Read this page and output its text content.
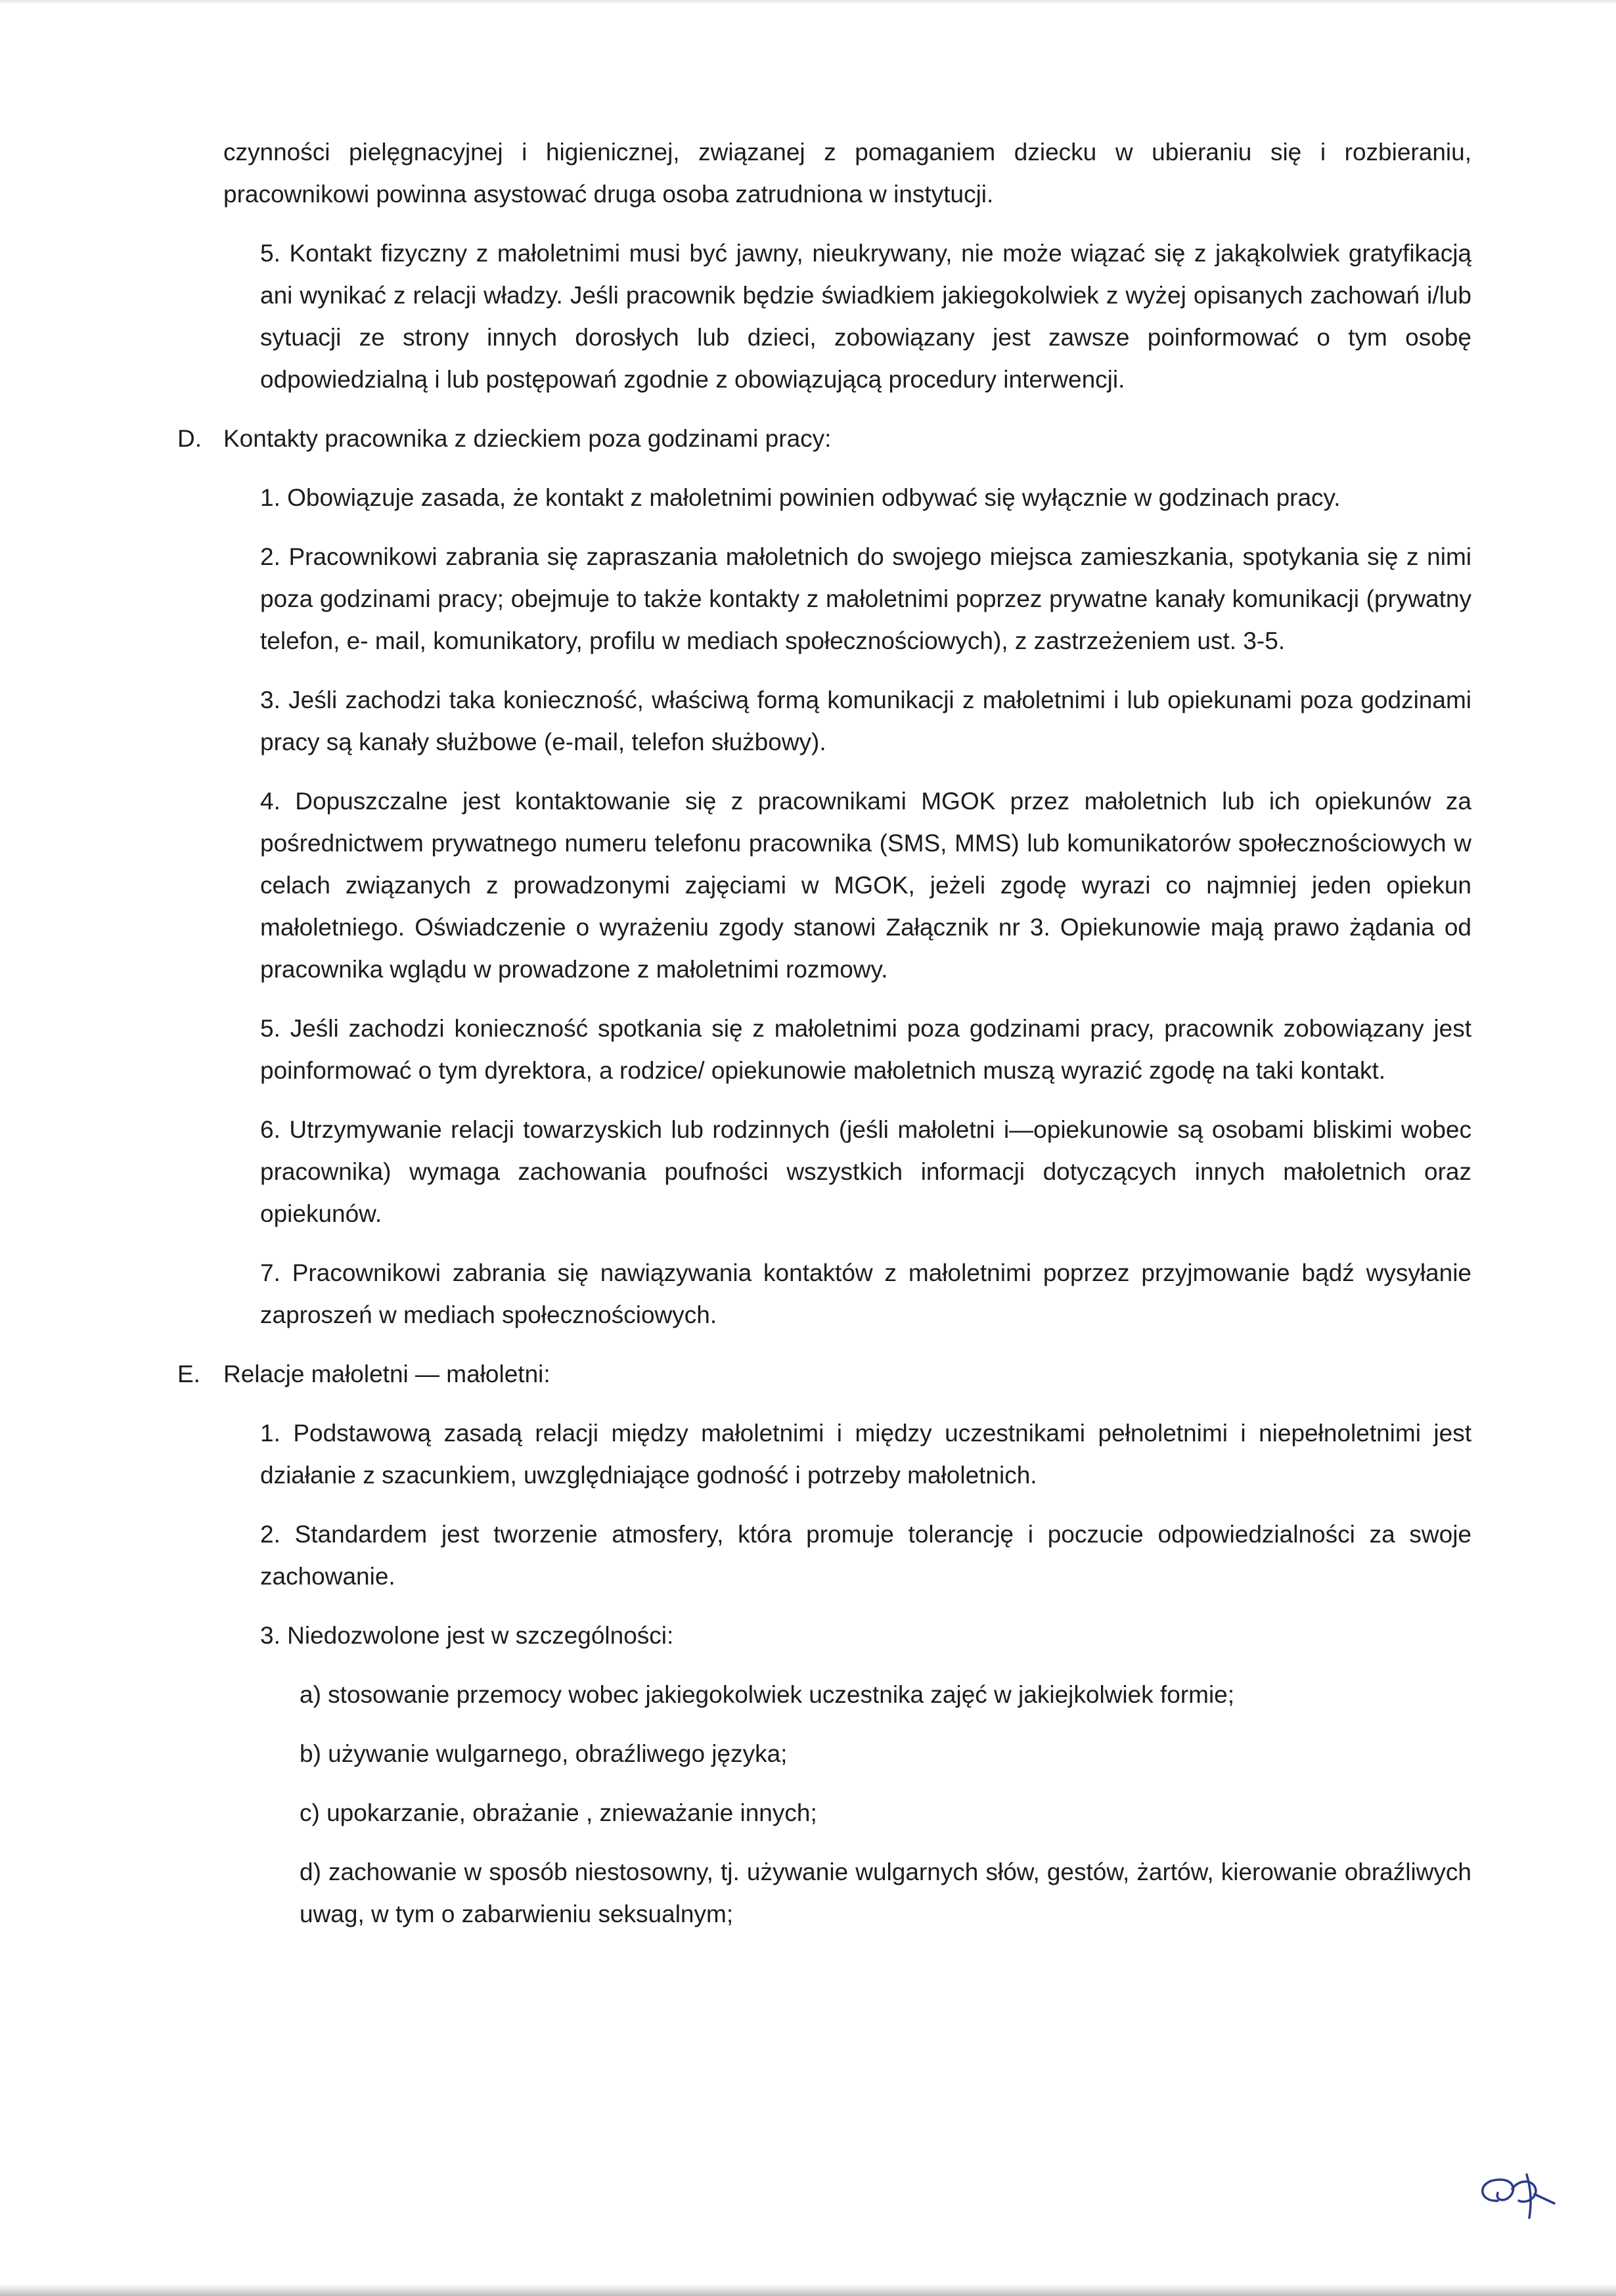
czynności pielęgnacyjnej i higienicznej, związanej z pomaganiem dziecku w ubieraniu się i rozbieraniu, pracownikowi powinna asystować druga osoba zatrudniona w instytucji.

5. Kontakt fizyczny z małoletnimi musi być jawny, nieukrywany, nie może wiązać się z jakąkolwiek gratyfikacją ani wynikać z relacji władzy. Jeśli pracownik będzie świadkiem jakiegokolwiek z wyżej opisanych zachowań i/lub sytuacji ze strony innych dorosłych lub dzieci, zobowiązany jest zawsze poinformować o tym osobę odpowiedzialną i lub postępowań zgodnie z obowiązującą procedury interwencji.

D. Kontakty pracownika z dzieckiem poza godzinami pracy:

1. Obowiązuje zasada, że kontakt z małoletnimi powinien odbywać się wyłącznie w godzinach pracy.

2. Pracownikowi zabrania się zapraszania małoletnich do swojego miejsca zamieszkania, spotykania się z nimi poza godzinami pracy; obejmuje to także kontakty z małoletnimi poprzez prywatne kanały komunikacji (prywatny telefon, e- mail, komunikatory, profilu w mediach społecznościowych), z zastrzeżeniem ust. 3-5.

3. Jeśli zachodzi taka konieczność, właściwą formą komunikacji z małoletnimi i lub opiekunami poza godzinami pracy są kanały służbowe (e-mail, telefon służbowy).

4. Dopuszczalne jest kontaktowanie się z pracownikami MGOK przez małoletnich lub ich opiekunów za pośrednictwem prywatnego numeru telefonu pracownika (SMS, MMS) lub komunikatorów społecznościowych w celach związanych z prowadzonymi zajęciami w MGOK, jeżeli zgodę wyrazi co najmniej jeden opiekun małoletniego. Oświadczenie o wyrażeniu zgody stanowi Załącznik nr 3. Opiekunowie mają prawo żądania od pracownika wglądu w prowadzone z małoletnimi rozmowy.

5. Jeśli zachodzi konieczność spotkania się z małoletnimi poza godzinami pracy, pracownik zobowiązany jest poinformować o tym dyrektora, a rodzice/ opiekunowie małoletnich muszą wyrazić zgodę na taki kontakt.

6. Utrzymywanie relacji towarzyskich lub rodzinnych (jeśli małoletni i—opiekunowie są osobami bliskimi wobec pracownika) wymaga zachowania poufności wszystkich informacji dotyczących innych małoletnich oraz opiekunów.

7. Pracownikowi zabrania się nawiązywania kontaktów z małoletnimi poprzez przyjmowanie bądź wysyłanie zaproszeń w mediach społecznościowych.

E. Relacje małoletni — małoletni:

1. Podstawową zasadą relacji między małoletnimi i między uczestnikami pełnoletnimi i niepełnoletnimi jest działanie z szacunkiem, uwzględniające godność i potrzeby małoletnich.

2. Standardem jest tworzenie atmosfery, która promuje tolerancję i poczucie odpowiedzialności za swoje zachowanie.

3. Niedozwolone jest w szczególności:

a) stosowanie przemocy wobec jakiegokolwiek uczestnika zajęć w jakiejkolwiek formie;

b) używanie wulgarnego, obraźliwego języka;

c) upokarzanie, obrażanie , znieważanie innych;

d) zachowanie w sposób niestosowny, tj. używanie wulgarnych słów, gestów, żartów, kierowanie obraźliwych uwag, w tym o zabarwieniu seksualnym;
